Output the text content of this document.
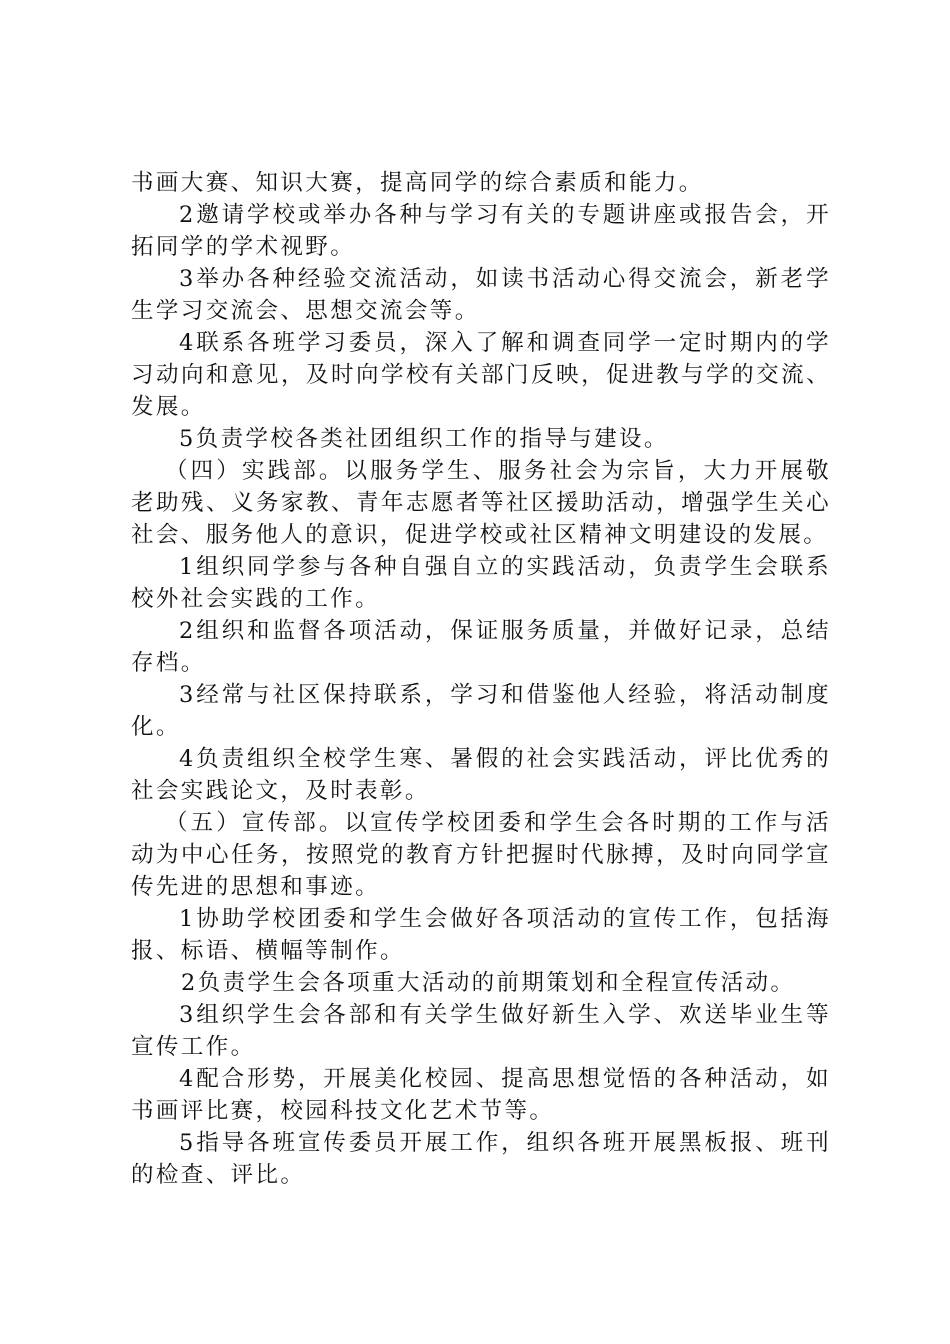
书画大赛、知识大赛，提高同学的综合素质和能力。

2邀请学校或举办各种与学习有关的专题讲座或报告会，开拓同学的学术视野。

3举办各种经验交流活动，如读书活动心得交流会，新老学生学习交流会、思想交流会等。

4联系各班学习委员，深入了解和调查同学一定时期内的学习动向和意见，及时向学校有关部门反映，促进教与学的交流、发展。

5负责学校各类社团组织工作的指导与建设。

（四）实践部。以服务学生、服务社会为宗旨，大力开展敬老助残、义务家教、青年志愿者等社区援助活动，增强学生关心社会、服务他人的意识，促进学校或社区精神文明建设的发展。

1组织同学参与各种自强自立的实践活动，负责学生会联系校外社会实践的工作。

2组织和监督各项活动，保证服务质量，并做好记录，总结存档。

3经常与社区保持联系，学习和借鉴他人经验，将活动制度化。

4负责组织全校学生寒、暑假的社会实践活动，评比优秀的社会实践论文，及时表彰。

（五）宣传部。以宣传学校团委和学生会各时期的工作与活动为中心任务，按照党的教育方针把握时代脉搏，及时向同学宣传先进的思想和事迹。

1协助学校团委和学生会做好各项活动的宣传工作，包括海报、标语、横幅等制作。

2负责学生会各项重大活动的前期策划和全程宣传活动。

3组织学生会各部和有关学生做好新生入学、欢送毕业生等宣传工作。

4配合形势，开展美化校园、提高思想觉悟的各种活动，如书画评比赛，校园科技文化艺术节等。

5指导各班宣传委员开展工作，组织各班开展黑板报、班刊的检查、评比。
